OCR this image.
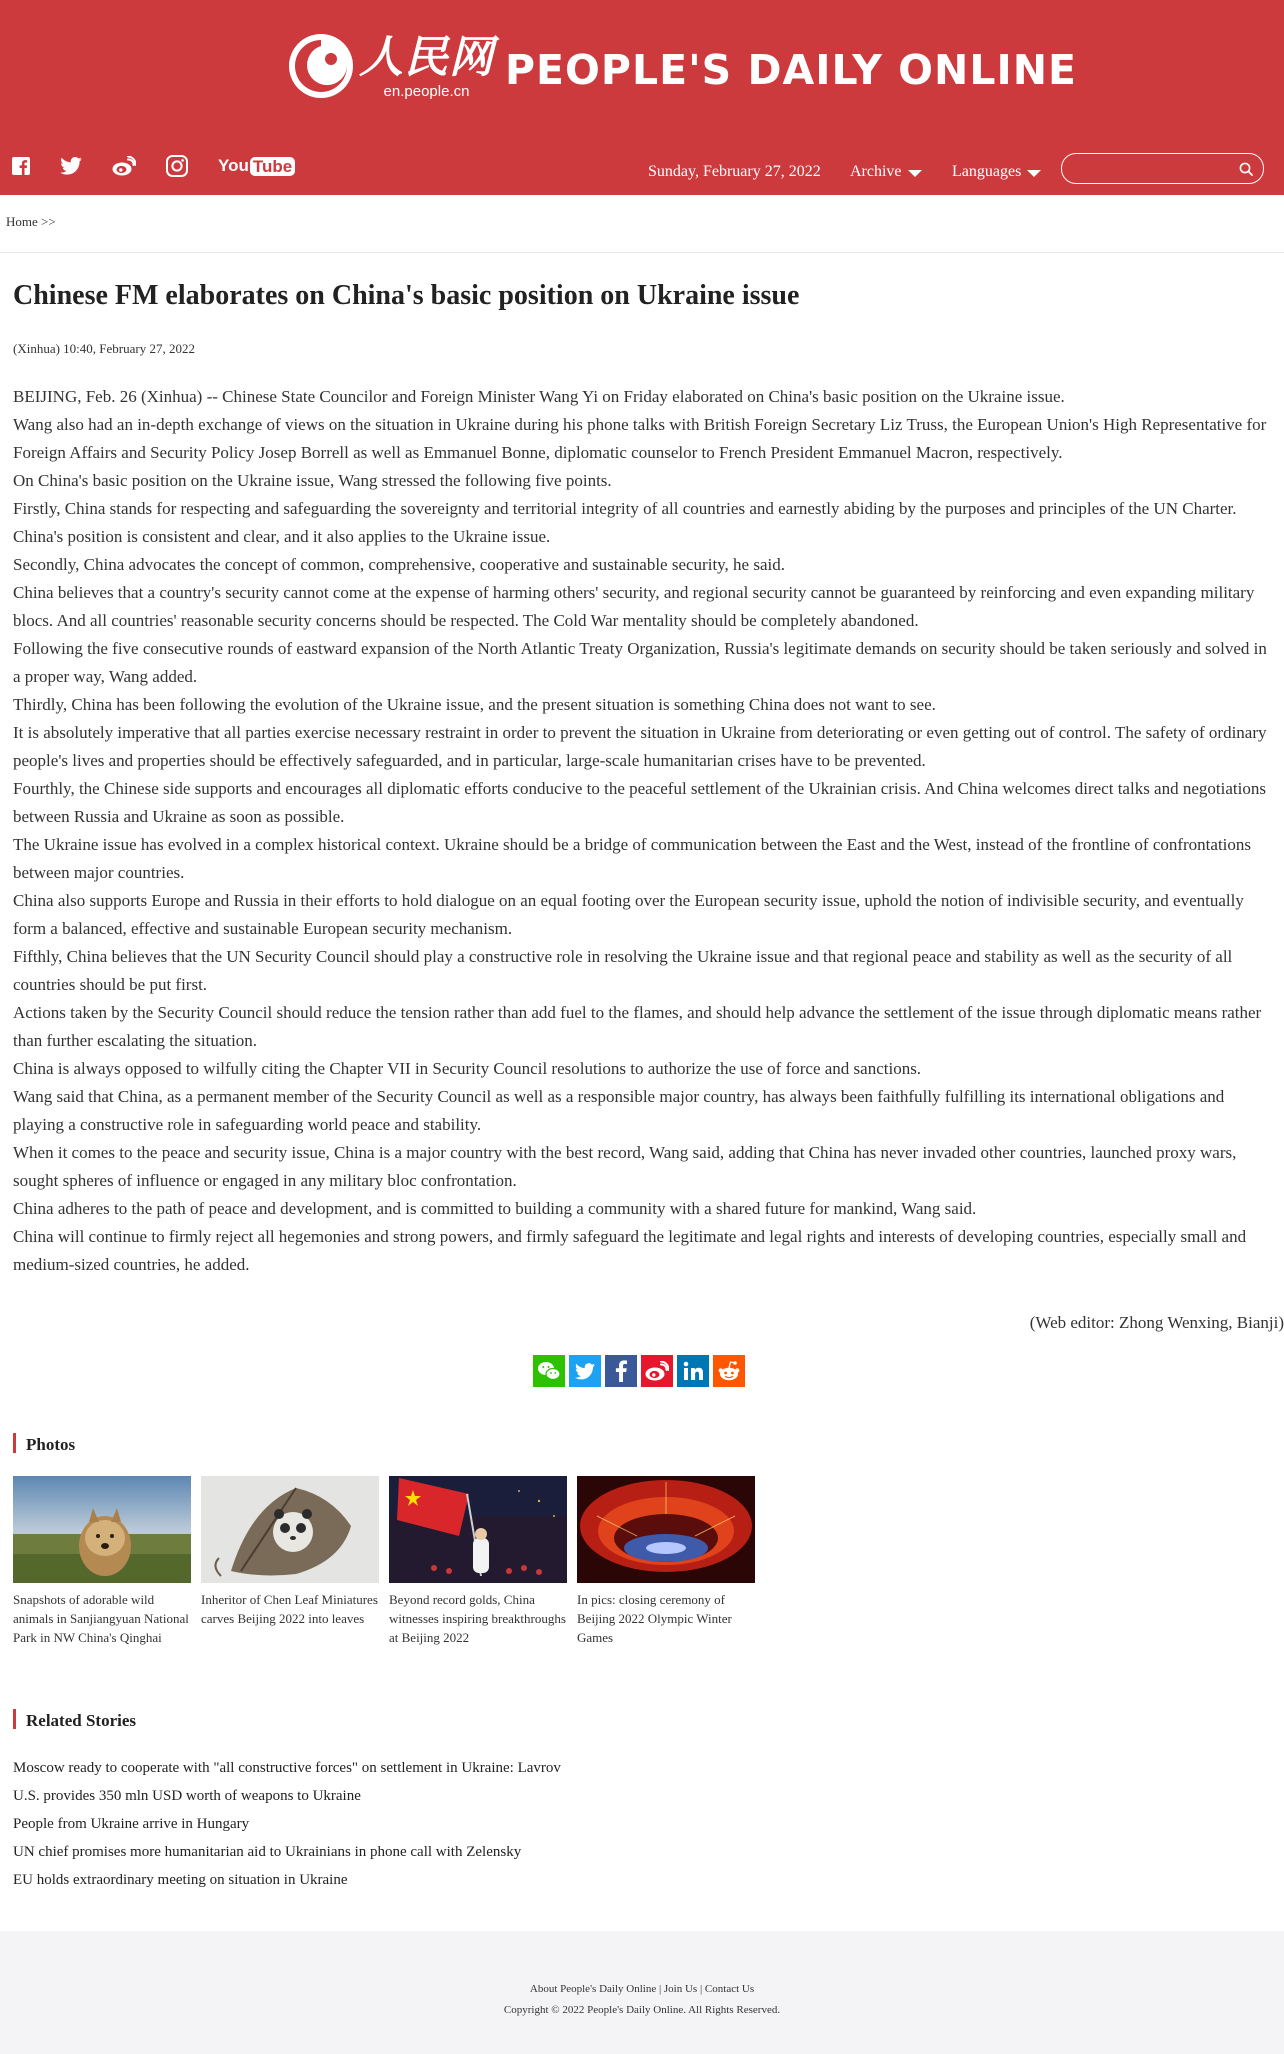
人民网
en.people.cn PEOPLE'S DAILY ONLINE
You Tube	Sunday, February 27, 2022 Archive	Languages
Home >>
Chinese FM elaborates on China's basic position on Ukraine issue
(Xinhua) 10:40, February 27, 2022

BEIJING, Feb. 26 (Xinhua) -- Chinese State Councilor and Foreign Minister Wang Yi on Friday elaborated on China's basic position on the Ukraine issue.

Wang also had an in-depth exchange of views on the situation in Ukraine during his phone talks with British Foreign Secretary Liz Truss, the European Union's High Representative for Foreign Affairs and Security Policy Josep Borrell as well as Emmanuel Bonne, diplomatic counselor to French President Emmanuel Macron, respectively.

On China's basic position on the Ukraine issue, Wang stressed the following five points.

Firstly, China stands for respecting and safeguarding the sovereignty and territorial integrity of all countries and earnestly abiding by the purposes and principles of the UN Charter. China's position is consistent and clear, and it also applies to the Ukraine issue.

Secondly, China advocates the concept of common, comprehensive, cooperative and sustainable security, he said.

China believes that a country's security cannot come at the expense of harming others' security, and regional security cannot be guaranteed by reinforcing and even expanding military blocs. And all countries' reasonable security concerns should be respected. The Cold War mentality should be completely abandoned.

Following the five consecutive rounds of eastward expansion of the North Atlantic Treaty Organization, Russia's legitimate demands on security should be taken seriously and solved in a proper way, Wang added.

Thirdly, China has been following the evolution of the Ukraine issue, and the present situation is something China does not want to see.

It is absolutely imperative that all parties exercise necessary restraint in order to prevent the situation in Ukraine from deteriorating or even getting out of control. The safety of ordinary people's lives and properties should be effectively safeguarded, and in particular, large-scale humanitarian crises have to be prevented.

Fourthly, the Chinese side supports and encourages all diplomatic efforts conducive to the peaceful settlement of the Ukrainian crisis. And China welcomes direct talks and negotiations between Russia and Ukraine as soon as possible.

The Ukraine issue has evolved in a complex historical context. Ukraine should be a bridge of communication between the East and the West, instead of the frontline of confrontations between major countries.

China also supports Europe and Russia in their efforts to hold dialogue on an equal footing over the European security issue, uphold the notion of indivisible security, and eventually form a balanced, effective and sustainable European security mechanism.

Fifthly, China believes that the UN Security Council should play a constructive role in resolving the Ukraine issue and that regional peace and stability as well as the security of all countries should be put first.

Actions taken by the Security Council should reduce the tension rather than add fuel to the flames, and should help advance the settlement of the issue through diplomatic means rather than further escalating the situation.

China is always opposed to wilfully citing the Chapter VII in Security Council resolutions to authorize the use of force and sanctions.

Wang said that China, as a permanent member of the Security Council as well as a responsible major country, has always been faithfully fulfilling its international obligations and playing a constructive role in safeguarding world peace and stability.

When it comes to the peace and security issue, China is a major country with the best record, Wang said, adding that China has never invaded other countries, launched proxy wars, sought spheres of influence or engaged in any military bloc confrontation.

China adheres to the path of peace and development, and is committed to building a community with a shared future for mankind, Wang said.

China will continue to firmly reject all hegemonies and strong powers, and firmly safeguard the legitimate and legal rights and interests of developing countries, especially small and medium-sized countries, he added.

(Web editor: Zhong Wenxing, Bianji)
Photos
Snapshots of adorable wild animals in Sanjiangyuan National Park in NW China's Qinghai
Inheritor of Chen Leaf Miniatures carves Beijing 2022 into leaves
Beyond record golds, China witnesses inspiring breakthroughs at Beijing 2022
In pics: closing ceremony of Beijing 2022 Olympic Winter Games
Related Stories
Moscow ready to cooperate with "all constructive forces" on settlement in Ukraine: Lavrov
U.S. provides 350 mln USD worth of weapons to Ukraine
People from Ukraine arrive in Hungary
UN chief promises more humanitarian aid to Ukrainians in phone call with Zelensky
EU holds extraordinary meeting on situation in Ukraine
About People's Daily Online | Join Us | Contact Us
Copyright © 2022 People's Daily Online. All Rights Reserved.
